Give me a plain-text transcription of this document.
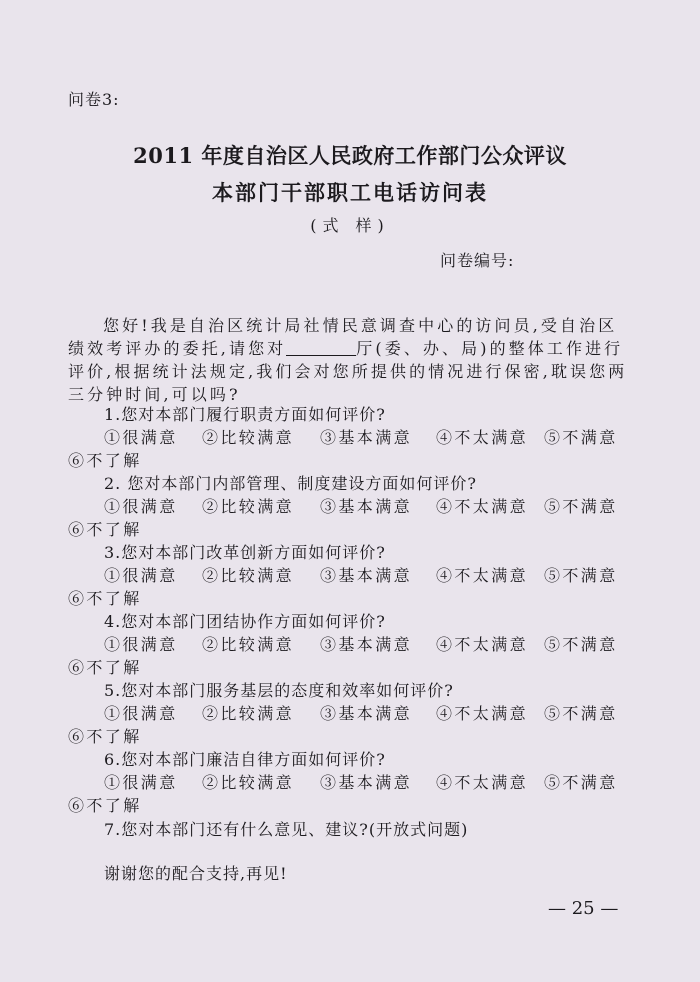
问卷3:
2011 年度自治区人民政府工作部门公众评议
本部门干部职工电话访问表
(式 样)
问卷编号:
您好!我是自治区统计局社情民意调查中心的访问员,受自治区绩效考评办的委托,请您对	厅(委、办、局)的整体工作进行评价,根据统计法规定,我们会对您所提供的情况进行保密,耽误您两三分钟时间,可以吗?
1.您对本部门履行职责方面如何评价?
①很满意 ②比较满意 ③基本满意 ④不太满意 ⑤不满意
⑥不了解
2. 您对本部门内部管理、制度建设方面如何评价?
①很满意 ②比较满意 ③基本满意 ④不太满意 ⑤不满意
⑥不了解
3.您对本部门改革创新方面如何评价?
①很满意 ②比较满意 ③基本满意 ④不太满意 ⑤不满意
⑥不了解
4.您对本部门团结协作方面如何评价?
①很满意 ②比较满意 ③基本满意 ④不太满意 ⑤不满意
⑥不了解
5.您对本部门服务基层的态度和效率如何评价?
①很满意 ②比较满意 ③基本满意 ④不太满意 ⑤不满意
⑥不了解
6.您对本部门廉洁自律方面如何评价?
①很满意 ②比较满意 ③基本满意 ④不太满意 ⑤不满意
⑥不了解
7.您对本部门还有什么意见、建议?(开放式问题)
谢谢您的配合支持,再见!
— 25 —
